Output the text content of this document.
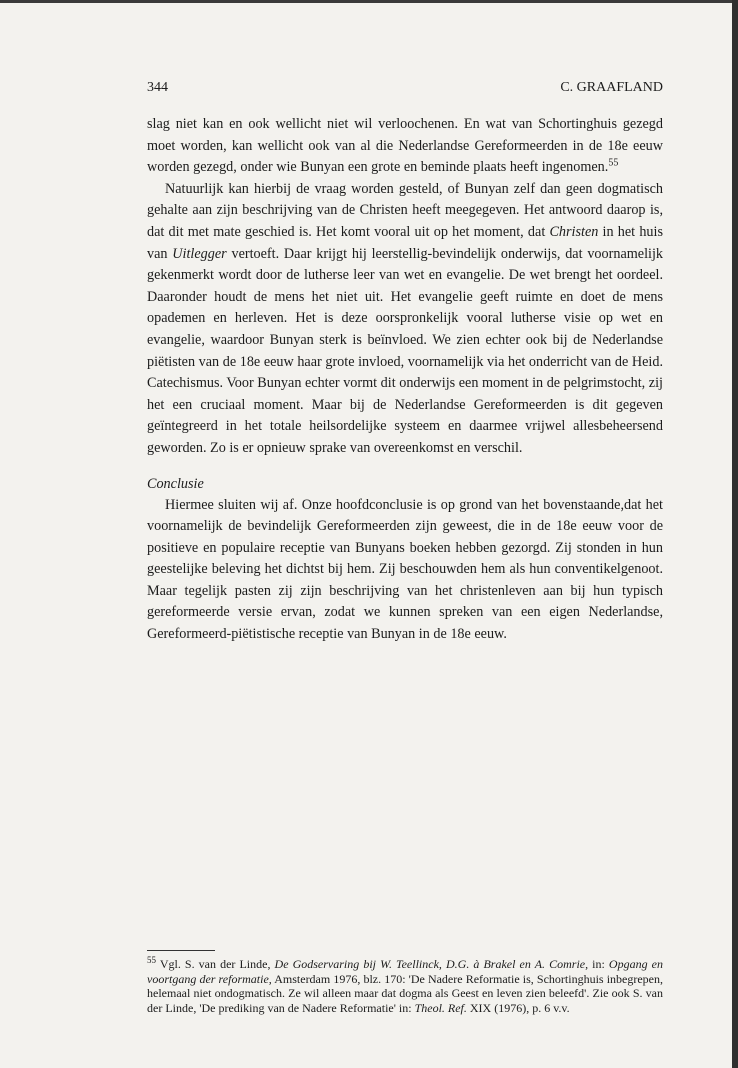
344	C. GRAAFLAND

slag niet kan en ook wellicht niet wil verloochenen. En wat van Schortinghuis gezegd moet worden, kan wellicht ook van al die Nederlandse Gereformeerden in de 18e eeuw worden gezegd, onder wie Bunyan een grote en beminde plaats heeft ingenomen.$^{55}$

Natuurlijk kan hierbij de vraag worden gesteld, of Bunyan zelf dan geen dogmatisch gehalte aan zijn beschrijving van de Christen heeft meegegeven. Het antwoord daarop is, dat dit met mate geschied is. Het komt vooral uit op het moment, dat Christen in het huis van Uitlegger vertoeft. Daar krijgt hij leerstellig-bevindelijk onderwijs, dat voornamelijk gekenmerkt wordt door de lutherse leer van wet en evangelie. De wet brengt het oordeel. Daaronder houdt de mens het niet uit. Het evangelie geeft ruimte en doet de mens opademen en herleven. Het is deze oorspronkelijk vooral lutherse visie op wet en evangelie, waardoor Bunyan sterk is beïnvloed. We zien echter ook bij de Nederlandse piëtisten van de 18e eeuw haar grote invloed, voornamelijk via het onderricht van de Heid. Catechismus. Voor Bunyan echter vormt dit onderwijs een moment in de pelgrimstocht, zij het een cruciaal moment. Maar bij de Nederlandse Gereformeerden is dit gegeven geïntegreerd in het totale heilsordelijke systeem en daarmee vrijwel allesbeheersend geworden. Zo is er opnieuw sprake van overeenkomst en verschil.

Conclusie

Hiermee sluiten wij af. Onze hoofdconclusie is op grond van het bovenstaande,dat het voornamelijk de bevindelijk Gereformeerden zijn geweest, die in de 18e eeuw voor de positieve en populaire receptie van Bunyans boeken hebben gezorgd. Zij stonden in hun geestelijke beleving het dichtst bij hem. Zij beschouwden hem als hun conventikelgenoot. Maar tegelijk pasten zij zijn beschrijving van het christenleven aan bij hun typisch gereformeerde versie ervan, zodat we kunnen spreken van een eigen Nederlandse, Gereformeerd-piëtistische receptie van Bunyan in de 18e eeuw.

$^{55}$ Vgl. S. van der Linde, De Godservaring bij W. Teellinck, D.G. à Brakel en A. Comrie, in: Opgang en voortgang der reformatie, Amsterdam 1976, blz. 170: 'De Nadere Reformatie is, Schortinghuis inbegrepen, helemaal niet ondogmatisch. Ze wil alleen maar dat dogma als Geest en leven zien beleefd'. Zie ook S. van der Linde, 'De prediking van de Nadere Reformatie' in: Theol. Ref. XIX (1976), p. 6 v.v.
